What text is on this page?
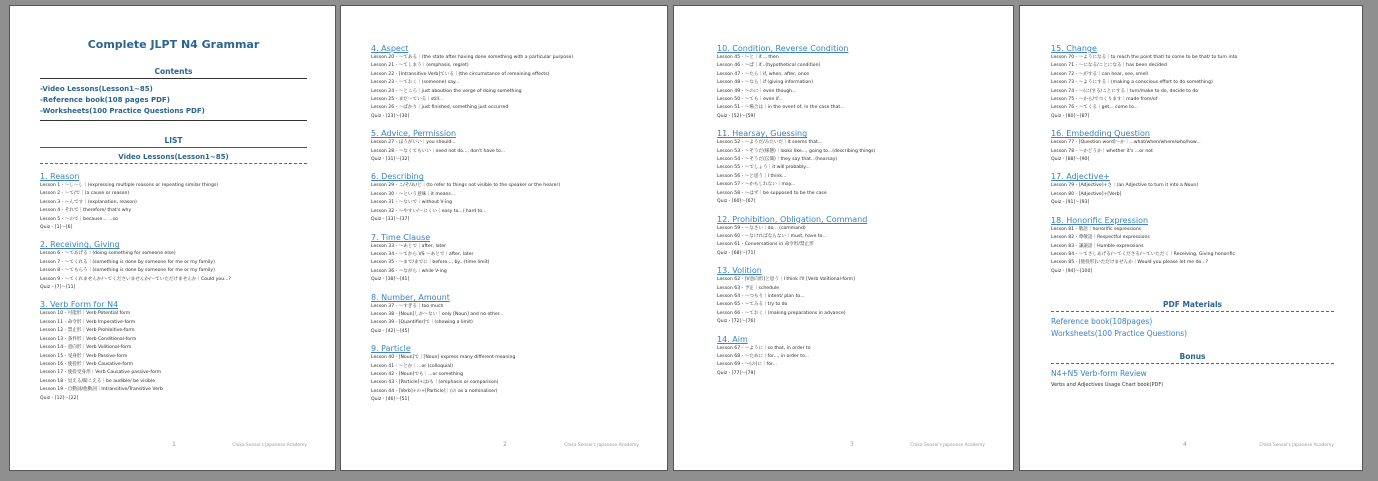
Complete JLPT N4 Grammar
Contents
-Video Lessons(Lesson1~85)
-Reference book(108 pages PDF)
-Worksheets(100 Practice Questions PDF)
LIST
Video Lessons(Lesson1~85)
1. Reason
Lesson 1 - ～し～し｜(expressing multiple reasons or repeating similar things)
Lesson 2 - ～て/で｜(a cause or reason)
Lesson 3 - ～んです｜(explanation, reason)
Lesson 4 - それで｜therefore/ that's why
Lesson 5 - ～ので｜because... ...so
Quiz - [1]～[6]
2. Receiving, Giving
Lesson 6 - ～てあげる｜(doing something for someone else)
Lesson 7 - ～てくれる｜(something is done by someone for me or my family)
Lesson 8 - ～てもらう｜(something is done by someone for me or my family)
Lesson 9 - ～てくれませんか/～てくださいませんか/～ていただけませんか｜Could you...?
Quiz - [7]～[11]
3. Verb Form for N4
Lesson 10 - 可能形｜Verb Potential form
Lesson 11 - 命令形｜Verb Imperative-form
Lesson 12 - 禁止形｜Verb Prohibitive-form
Lesson 13 - 条件形｜Verb Conditional-form
Lesson 14 - 意向形｜Verb Volitional-form
Lesson 15 - 受身形｜Verb Passive-form
Lesson 16 - 使役形｜Verb Causative-form
Lesson 17 - 使役受身形｜Verb Causative passive-form
Lesson 18 - 見える/聞こえる｜be audible/ be visible
Lesson 19 - 自動詞/他動詞｜Intransitive/Transitive Verb
Quiz - [12]～[22]
1	Chika Sensei's Japanese Academy
4. Aspect
Lesson 20 - ～てある｜(the state after having done something with a particular purpose)
Lesson 21 - ～てしまう｜(emphasis, regret)
Lesson 22 - [Intransitive Verb]ている｜(the circumstance of remaining effects)
Lesson 23 - ～ておく｜(someone) say...
Lesson 24 - ～ところ｜just about/on the verge of doing something
Lesson 25 - まだ～ている｜still...
Lesson 26 - ～ばかり｜just finished, something just occurred
Quiz - [23]～[30]
5. Advice, Permission
Lesson 27 - ほうがいい｜you should...
Lesson 28 - ～なくてもいい｜need not do..., don't have to...
Quiz - [31]～[32]
6. Describing
Lesson 29 - こ/そ/あ/ど｜(to refer to things not visible to the speaker or the hearer)
Lesson 30 - ～という意味｜it means...
Lesson 31 - ～ないで｜without V-ing
Lesson 32 - ～やすい/～にくい｜easy to.../ hard to...
Quiz - [33]～[37]
7. Time Clause
Lesson 33 - ～あとで｜after, later
Lesson 34 - ～てから VS ～あとで｜after, later
Lesson 35 - ～まで/までに｜before..., by...(time limit)
Lesson 36 - ～ながら｜while V-ing
Quiz - [38]～[41]
8. Number, Amount
Lesson 37 - ～すぎる｜too much
Lesson 38 - [Noun]しか～ない｜only [Noun] and no other...
Lesson 39 - [Quantifier]で｜(showing a limit)
Quiz - [42]～[45]
9. Particle
Lesson 40 - [Noun]で｜[Noun] express many different meaning
Lesson 41 - ～とか｜...or (colloquial)
Lesson 42 - [Noun]でも｜...or something
Lesson 43 - [Particle]+は/も｜(emphasis or comparison)
Lesson 44 - [Verb]+の+[Particle]｜(の as a nominaliser)
Quiz - [46]～[51]
2	Chika Sensei's Japanese Academy
10. Condition, Reverse Condition
Lesson 45 - ～と｜if..., then
Lesson 46 - ～ば｜if...(hypothetical condition)
Lesson 47 - ～たら｜if, when, after, once
Lesson 48 - ～なら｜if (giving information)
Lesson 49 - ～のに｜even though...
Lesson 50 - ～ても｜even if...
Lesson 51 - ～場合は｜in the event of, in the case that...
Quiz - [52]～[59]
11. Hearsay, Guessing
Lesson 52 - ～ようだ/みたいだ｜it seems that...
Lesson 53 - ～そうだ(様態)｜looks like..., going to...(describing things)
Lesson 54 - ～そうだ(伝聞)｜they say that...(hearsay)
Lesson 55 - ～でしょう｜it will probably...
Lesson 56 - ～と思う｜I think...
Lesson 57 - ～かもしれない｜may...
Lesson 58 - ～はず｜be supposed to be the case
Quiz - [60]～[67]
12. Prohibition, Obligation, Command
Lesson 59 - ～なさい｜do... (command)
Lesson 60 - ～なければならない｜must, have to...
Lesson 61 - Conversations in 命令形/禁止形
Quiz - [68]～[71]
13. Volition
Lesson 62 - [V意向形]と思う｜I think I'll [Verb Volitional-form]
Lesson 63 - 予定｜schedule
Lesson 64 - ～つもり｜intent/ plan to...
Lesson 65 - ～てみる｜try to do
Lesson 66 - ～ておく｜(making preparations in advance)
Quiz - [72]～[76]
14. Aim
Lesson 67 - ～ように｜so that, in order to
Lesson 68 - ～ために｜for..., in order to...
Lesson 69 - ～(の)に｜for...
Quiz - [77]～[79]
3	Chika Sensei's Japanese Academy
15. Change
Lesson 70 - ～ようになる｜to reach the point that/ to come to be that/ to turn into
Lesson 71 - ～になる/ことになる｜has been decided
Lesson 72 - ～がする｜can hear, see, smell
Lesson 73 - ～ようにする｜(making a conscious effort to do something)
Lesson 74 - ～(に)する/ことにする｜turn/make to do, decide to do
Lesson 75 - ～から/でつくります｜made from/of
Lesson 76 - ～てくる｜get... come to...
Quiz - [80]～[87]
16. Embedding Question
Lesson 77 - [Question word]～か｜...what/when/where/who/how...
Lesson 78 - ～かどうか｜whether it's ...or not
Quiz - [88]～[90]
17. Adjective+
Lesson 79 - [Adjective]+さ｜(an Adjective to turn it into a Noun)
Lesson 80 - [Adjective]+[Verb]
Quiz - [91]～[93]
18. Honorific Expression
Lesson 81 - 敬語｜honorific expressions
Lesson 82 - 尊敬語｜Respectful expressions
Lesson 83 - 謙譲語｜Humble expressions
Lesson 84 - ～てさしあげる/～てくださる/～ていただく｜Receiving, Giving honorific
Lesson 85 - [使役形]いただけませんか｜Would you please let me do...?
Quiz - [94]～[100]
PDF Materials
Reference book(108pages)
Worksheets(100 Practice Questions)
Bonus
N4+N5 Verb-form Review
Verbs and Adjectives Usage Chart book(PDF)
4	Chika Sensei's Japanese Academy
